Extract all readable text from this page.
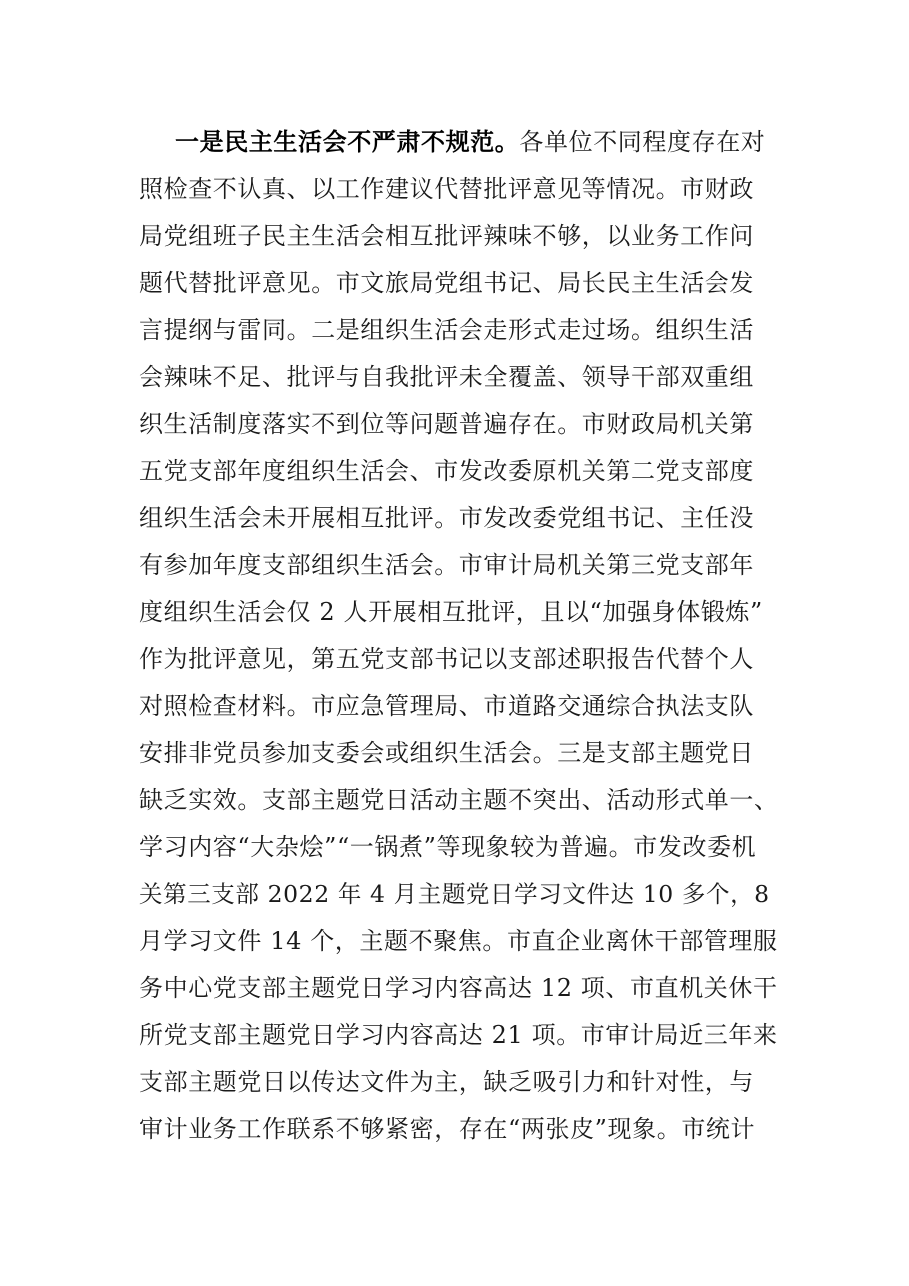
一是民主生活会不严肃不规范。各单位不同程度存在对
照检查不认真、以工作建议代替批评意见等情况。市财政
局党组班子民主生活会相互批评辣味不够，以业务工作问
题代替批评意见。市文旅局党组书记、局长民主生活会发
言提纲与雷同。二是组织生活会走形式走过场。组织生活
会辣味不足、批评与自我批评未全覆盖、领导干部双重组
织生活制度落实不到位等问题普遍存在。市财政局机关第
五党支部年度组织生活会、市发改委原机关第二党支部度
组织生活会未开展相互批评。市发改委党组书记、主任没
有参加年度支部组织生活会。市审计局机关第三党支部年
度组织生活会仅 2 人开展相互批评，且以“加强身体锻炼”
作为批评意见，第五党支部书记以支部述职报告代替个人
对照检查材料。市应急管理局、市道路交通综合执法支队
安排非党员参加支委会或组织生活会。三是支部主题党日
缺乏实效。支部主题党日活动主题不突出、活动形式单一、
学习内容“大杂烩”“一锅煮”等现象较为普遍。市发改委机
关第三支部 2022 年 4 月主题党日学习文件达 10 多个，8
月学习文件 14 个，主题不聚焦。市直企业离休干部管理服
务中心党支部主题党日学习内容高达 12 项、市直机关休干
所党支部主题党日学习内容高达 21 项。市审计局近三年来
支部主题党日以传达文件为主，缺乏吸引力和针对性，与
审计业务工作联系不够紧密，存在“两张皮”现象。市统计
